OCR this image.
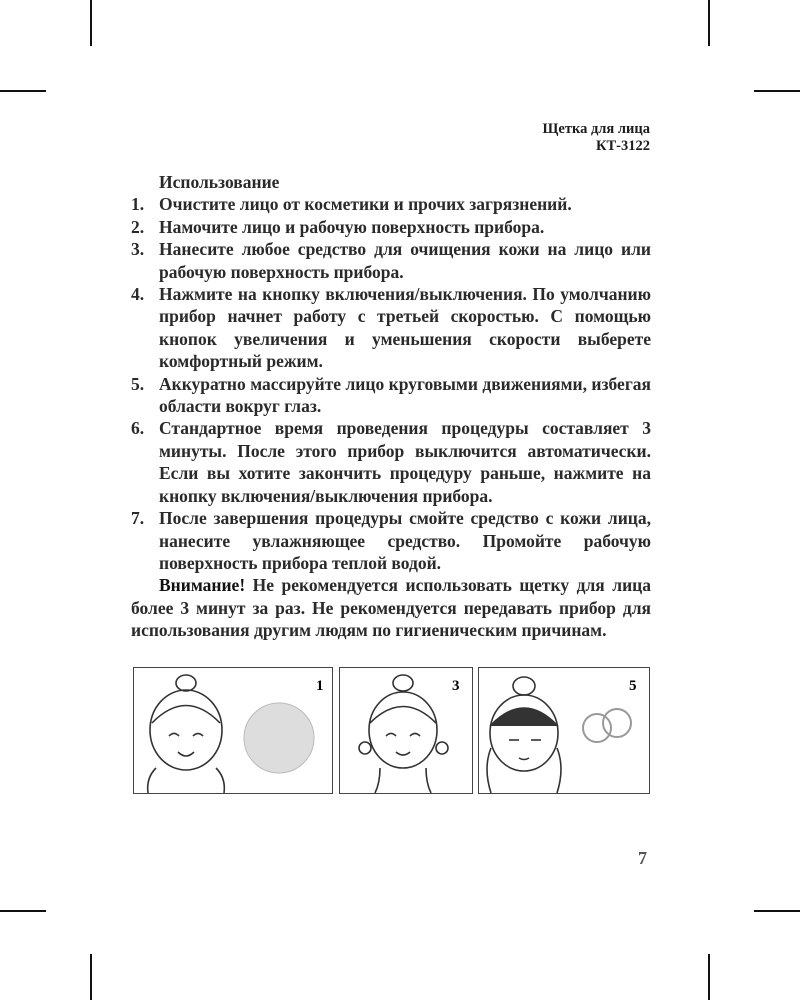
Щетка для лица
КТ-3122
Использование
1. Очистите лицо от косметики и прочих загрязнений.
2. Намочите лицо и рабочую поверхность прибора.
3. Нанесите любое средство для очищения кожи на лицо или рабочую поверхность прибора.
4. Нажмите на кнопку включения/выключения. По умолчанию прибор начнет работу с третьей скоростью. С помощью кнопок увеличения и уменьшения скорости выберете комфортный режим.
5. Аккуратно массируйте лицо круговыми движениями, избегая области вокруг глаз.
6. Стандартное время проведения процедуры составляет 3 минуты. После этого прибор выключится автоматически. Если вы хотите закончить процедуру раньше, нажмите на кнопку включения/выключения прибора.
7. После завершения процедуры смойте средство с кожи лица, нанесите увлажняющее средство. Промойте рабочую поверхность прибора теплой водой.

Внимание! Не рекомендуется использовать щетку для лица более 3 минут за раз. Не рекомендуется передавать прибор для использования другим людям по гигиеническим причинам.

1	3	5
7
